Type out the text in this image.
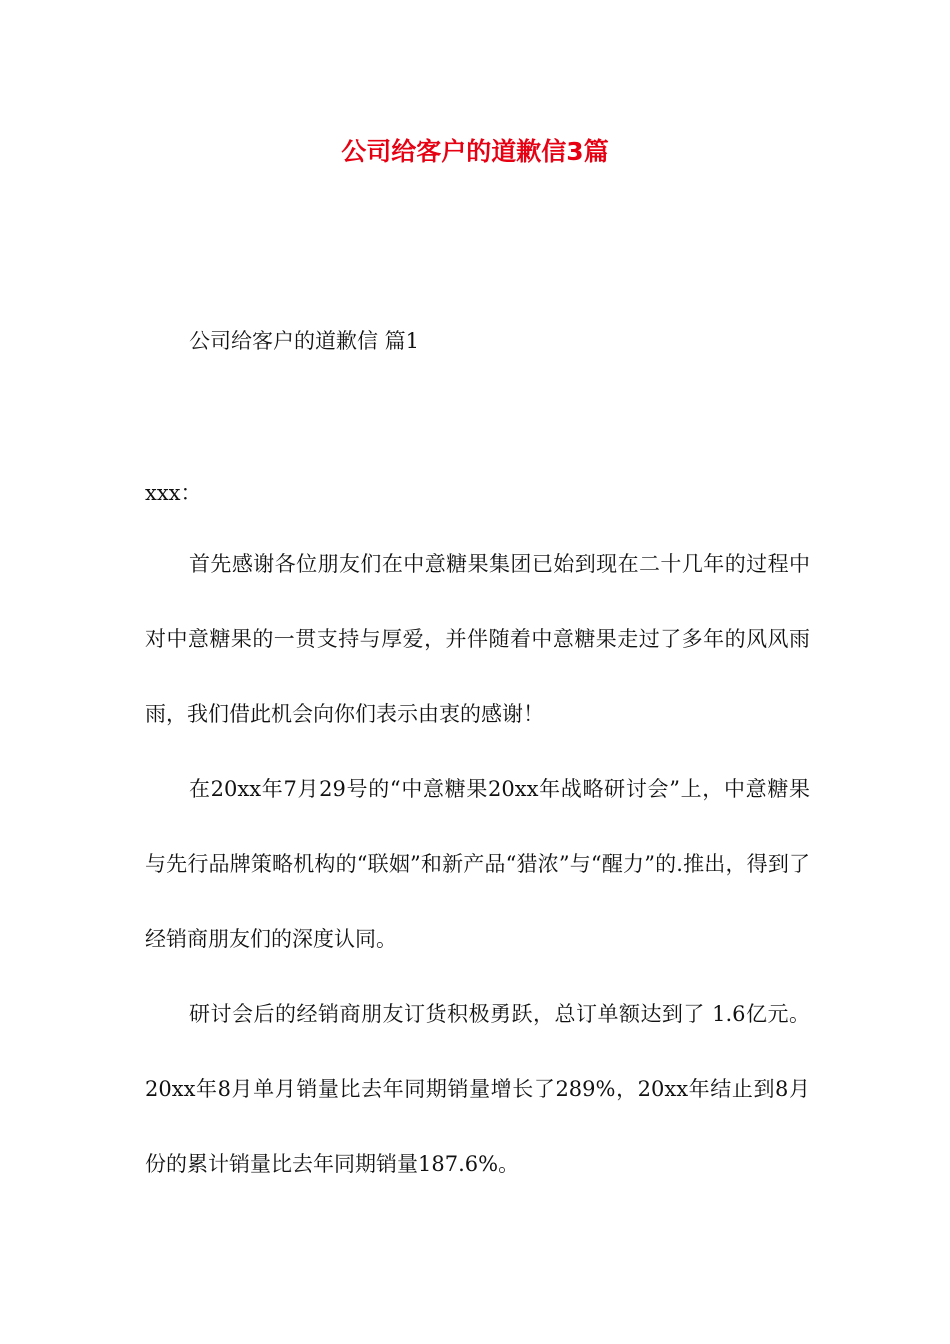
公司给客户的道歉信3篇
公司给客户的道歉信 篇1

xxx：

首先感谢各位朋友们在中意糖果集团已始到现在二十几年的过程中对中意糖果的一贯支持与厚爱，并伴随着中意糖果走过了多年的风风雨雨，我们借此机会向你们表示由衷的感谢！

在20xx年7月29号的“中意糖果20xx年战略研讨会”上，中意糖果与先行品牌策略机构的“联姻”和新产品“猎浓”与“醒力”的.推出，得到了经销商朋友们的深度认同。

研讨会后的经销商朋友订货积极勇跃，总订单额达到了 1.6亿元。20xx年8月单月销量比去年同期销量增长了289%，20xx年结止到8月份的累计销量比去年同期销量187.6%。
